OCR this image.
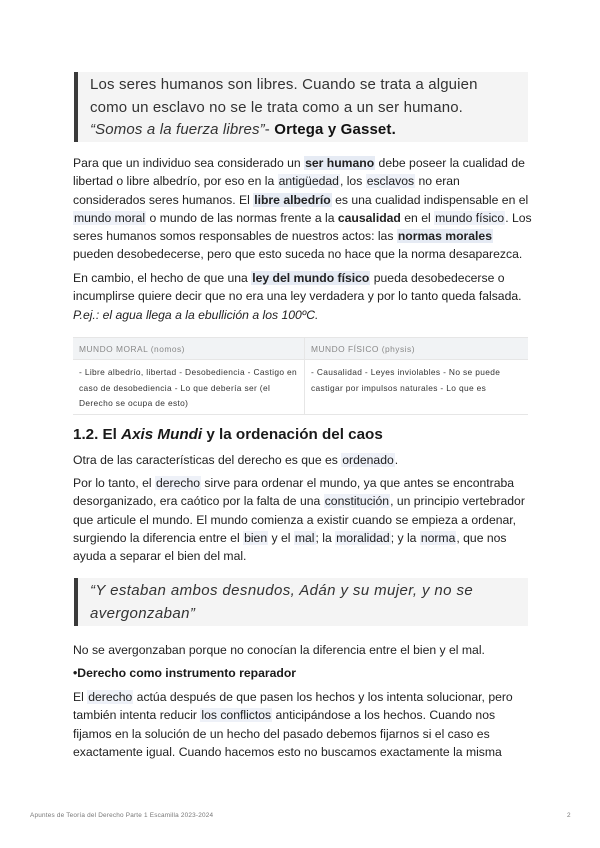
Los seres humanos son libres. Cuando se trata a alguien como un esclavo no se le trata como a un ser humano. “Somos a la fuerza libres”- Ortega y Gasset.
Para que un individuo sea considerado un ser humano debe poseer la cualidad de libertad o libre albedrío, por eso en la antigüedad, los esclavos no eran considerados seres humanos. El libre albedrío es una cualidad indispensable en el mundo moral o mundo de las normas frente a la causalidad en el mundo físico. Los seres humanos somos responsables de nuestros actos: las normas morales pueden desobedecerse, pero que esto suceda no hace que la norma desaparezca.
En cambio, el hecho de que una ley del mundo físico pueda desobedecerse o incumplirse quiere decir que no era una ley verdadera y por lo tanto queda falsada. P.ej.: el agua llega a la ebullición a los 100ºC.
MUNDO MORAL (nomos)	MUNDO FÍSICO (physis)
- Libre albedrío, libertad - Desobediencia - Castigo en caso de desobediencia - Lo que debería ser (el Derecho se ocupa de esto)	- Causalidad - Leyes inviolables - No se puede castigar por impulsos naturales - Lo que es
1.2. El Axis Mundi y la ordenación del caos
Otra de las características del derecho es que es ordenado.
Por lo tanto, el derecho sirve para ordenar el mundo, ya que antes se encontraba desorganizado, era caótico por la falta de una constitución, un principio vertebrador que articule el mundo. El mundo comienza a existir cuando se empieza a ordenar, surgiendo la diferencia entre el bien y el mal; la moralidad; y la norma, que nos ayuda a separar el bien del mal.
“Y estaban ambos desnudos, Adán y su mujer, y no se avergonzaban”
No se avergonzaban porque no conocían la diferencia entre el bien y el mal.
•Derecho como instrumento reparador
El derecho actúa después de que pasen los hechos y los intenta solucionar, pero también intenta reducir los conflictos anticipándose a los hechos. Cuando nos fijamos en la solución de un hecho del pasado debemos fijarnos si el caso es exactamente igual. Cuando hacemos esto no buscamos exactamente la misma
Apuntes de Teoría del Derecho Parte 1 Escamilla 2023-2024	2
